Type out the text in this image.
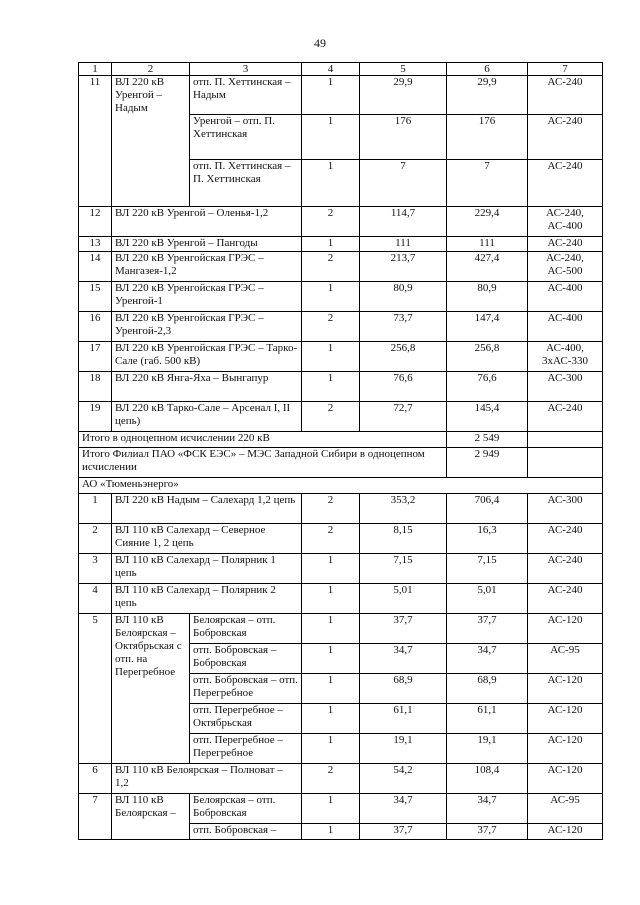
49
1	2	3	4	5	6	7
11	ВЛ 220 кВ Уренгой – Надым	отп. П. Хеттинская – Надым	1	29,9	29,9	АС-240
		Уренгой – отп. П. Хеттинская	1	176	176	АС-240
		отп. П. Хеттинская – П. Хеттинская	1	7	7	АС-240
12	ВЛ 220 кВ Уренгой – Оленья-1,2		2	114,7	229,4	АС-240, АС-400
13	ВЛ 220 кВ Уренгой – Пангоды		1	111	111	АС-240
14	ВЛ 220 кВ Уренгойская ГРЭС – Мангазея-1,2		2	213,7	427,4	АС-240, АС-500
15	ВЛ 220 кВ Уренгойская ГРЭС – Уренгой-1		1	80,9	80,9	АС-400
16	ВЛ 220 кВ Уренгойская ГРЭС – Уренгой-2,3		2	73,7	147,4	АС-400
17	ВЛ 220 кВ Уренгойская ГРЭС – Тарко-Сале (габ. 500 кВ)		1	256,8	256,8	АС-400, 3хАС-330
18	ВЛ 220 кВ Янга-Яха – Вынгапур		1	76,6	76,6	АС-300
19	ВЛ 220 кВ Тарко-Сале – Арсенал I, II цепь)		2	72,7	145,4	АС-240
Итого в одноцепном исчислении 220 кВ					2 549	
Итого Филиал ПАО «ФСК ЕЭС» – МЭС Западной Сибири в одноцепном исчислении					2 949	
АО «Тюменьэнерго»						
1	ВЛ 220 кВ Надым – Салехард 1,2 цепь		2	353,2	706,4	АС-300
2	ВЛ 110 кВ Салехард – Северное Сияние 1, 2 цепь		2	8,15	16,3	АС-240
3	ВЛ 110 кВ Салехард – Полярник 1 цепь		1	7,15	7,15	АС-240
4	ВЛ 110 кВ Салехард – Полярник 2 цепь		1	5,01	5,01	АС-240
5	ВЛ 110 кВ Белоярская – Октябрьская с отп. на Перегребное	Белоярская – отп. Бобровская	1	37,7	37,7	АС-120
		отп. Бобровская – Бобровская	1	34,7	34,7	АС-95
		отп. Бобровская – отп. Перегребное	1	68,9	68,9	АС-120
		отп. Перегребное – Октябрьская	1	61,1	61,1	АС-120
		отп. Перегребное – Перегребное	1	19,1	19,1	АС-120
6	ВЛ 110 кВ Белоярская – Полноват – 1,2		2	54,2	108,4	АС-120
7	ВЛ 110 кВ Белоярская –	Белоярская – отп. Бобровская	1	34,7	34,7	АС-95
		отп. Бобровская –	1	37,7	37,7	АС-120
